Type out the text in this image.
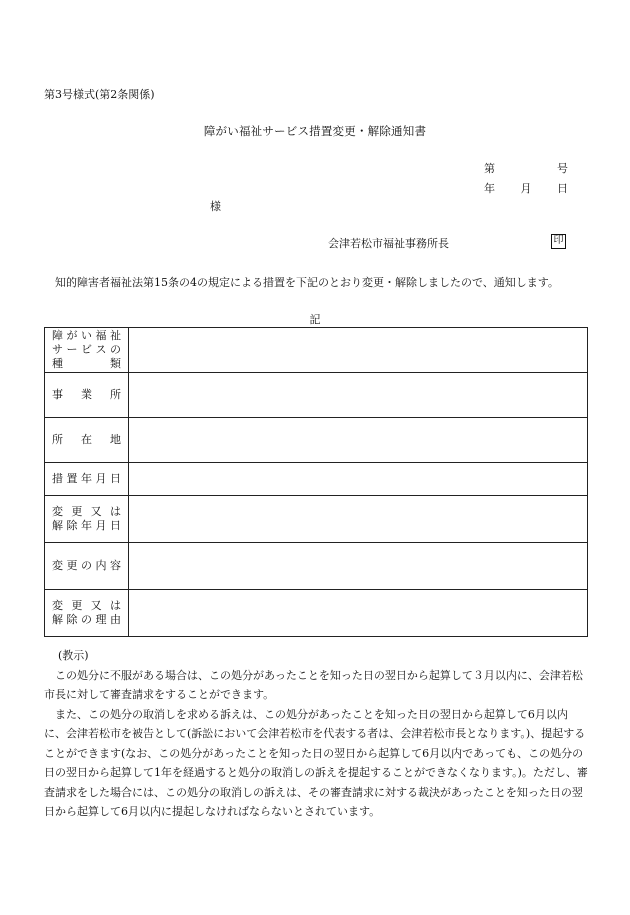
第3号様式(第2条関係)
障がい福祉サービス措置変更・解除通知書
第	号
年 月 日
様
会津若松市福祉事務所長	印
知的障害者福祉法第15条の4の規定による措置を下記のとおり変更・解除しましたので、通知します。
記
障がい福祉
サービスの
種　　類	

事業所	

所在地	

措置年月日	

変更又は
解除年月日	

変更の内容	

変更又は
解除の理由	

(教示)

この処分に不服がある場合は、この処分があったことを知った日の翌日から起算して３月以内に、会津若松市長に対して審査請求をすることができます。

また、この処分の取消しを求める訴えは、この処分があったことを知った日の翌日から起算して6月以内に、会津若松市を被告として(訴訟において会津若松市を代表する者は、会津若松市長となります。)、提起することができます(なお、この処分があったことを知った日の翌日から起算して6月以内であっても、この処分の日の翌日から起算して1年を経過すると処分の取消しの訴えを提起することができなくなります。)。ただし、審査請求をした場合には、この処分の取消しの訴えは、その審査請求に対する裁決があったことを知った日の翌日から起算して6月以内に提起しなければならないとされています。
